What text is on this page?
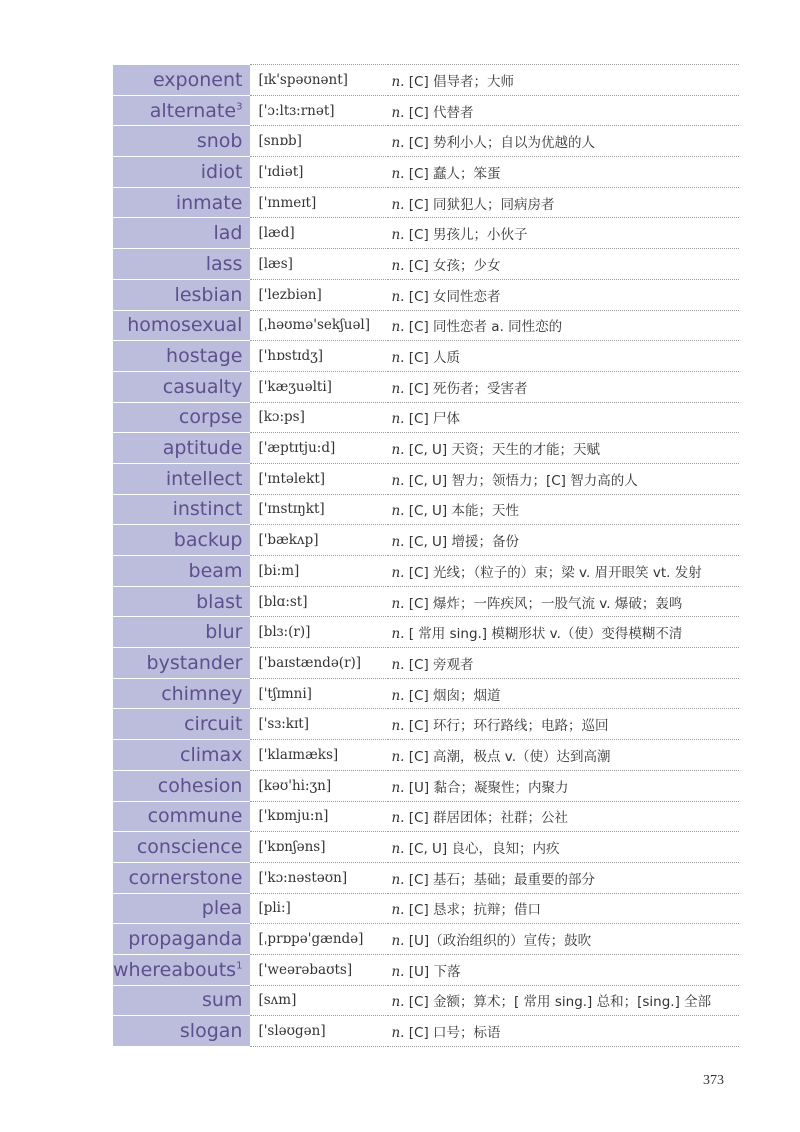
exponent	[ɪk'spəʊnənt]	n. [C] 倡导者；大师
alternate$^3$	['ɔ:ltɜ:rnət]	n. [C] 代替者
snob	[snɒb]	n. [C] 势利小人；自以为优越的人
idiot	['ɪdiət]	n. [C] 蠢人；笨蛋
inmate	['ɪnmeɪt]	n. [C] 同狱犯人；同病房者
lad	[læd]	n. [C] 男孩儿；小伙子
lass	[læs]	n. [C] 女孩；少女
lesbian	['lezbiən]	n. [C] 女同性恋者
homosexual	[ˌhəʊmə'sekʃuəl]	n. [C] 同性恋者 a. 同性恋的
hostage	['hɒstɪdʒ]	n. [C] 人质
casualty	['kæʒuəlti]	n. [C] 死伤者；受害者
corpse	[kɔ:ps]	n. [C] 尸体
aptitude	['æptɪtju:d]	n. [C, U] 天资；天生的才能；天赋
intellect	['ɪntəlekt]	n. [C, U] 智力；领悟力；[C] 智力高的人
instinct	['ɪnstɪŋkt]	n. [C, U] 本能；天性
backup	['bækʌp]	n. [C, U] 增援；备份
beam	[bi:m]	n. [C] 光线；（粒子的）束；梁 v. 眉开眼笑 vt. 发射
blast	[blɑ:st]	n. [C] 爆炸；一阵疾风；一股气流 v. 爆破；轰鸣
blur	[blɜ:(r)]	n. [ 常用 sing.] 模糊形状 v.（使）变得模糊不清
bystander	['baɪstændə(r)]	n. [C] 旁观者
chimney	['tʃɪmni]	n. [C] 烟囱；烟道
circuit	['sɜ:kɪt]	n. [C] 环行；环行路线；电路；巡回
climax	['klaɪmæks]	n. [C] 高潮，极点 v.（使）达到高潮
cohesion	[kəʊ'hi:ʒn]	n. [U] 黏合；凝聚性；内聚力
commune	['kɒmju:n]	n. [C] 群居团体；社群；公社
conscience	['kɒnʃəns]	n. [C, U] 良心，良知；内疚
cornerstone	['kɔ:nəstəʊn]	n. [C] 基石；基础；最重要的部分
plea	[pli:]	n. [C] 恳求；抗辩；借口
propaganda	[ˌprɒpə'gændə]	n. [U]（政治组织的）宣传；鼓吹
whereabouts$^1$	['weərəbaʊts]	n. [U] 下落
sum	[sʌm]	n. [C] 金额；算术；[ 常用 sing.] 总和；[sing.] 全部
slogan	['sləʊgən]	n. [C] 口号；标语
373
